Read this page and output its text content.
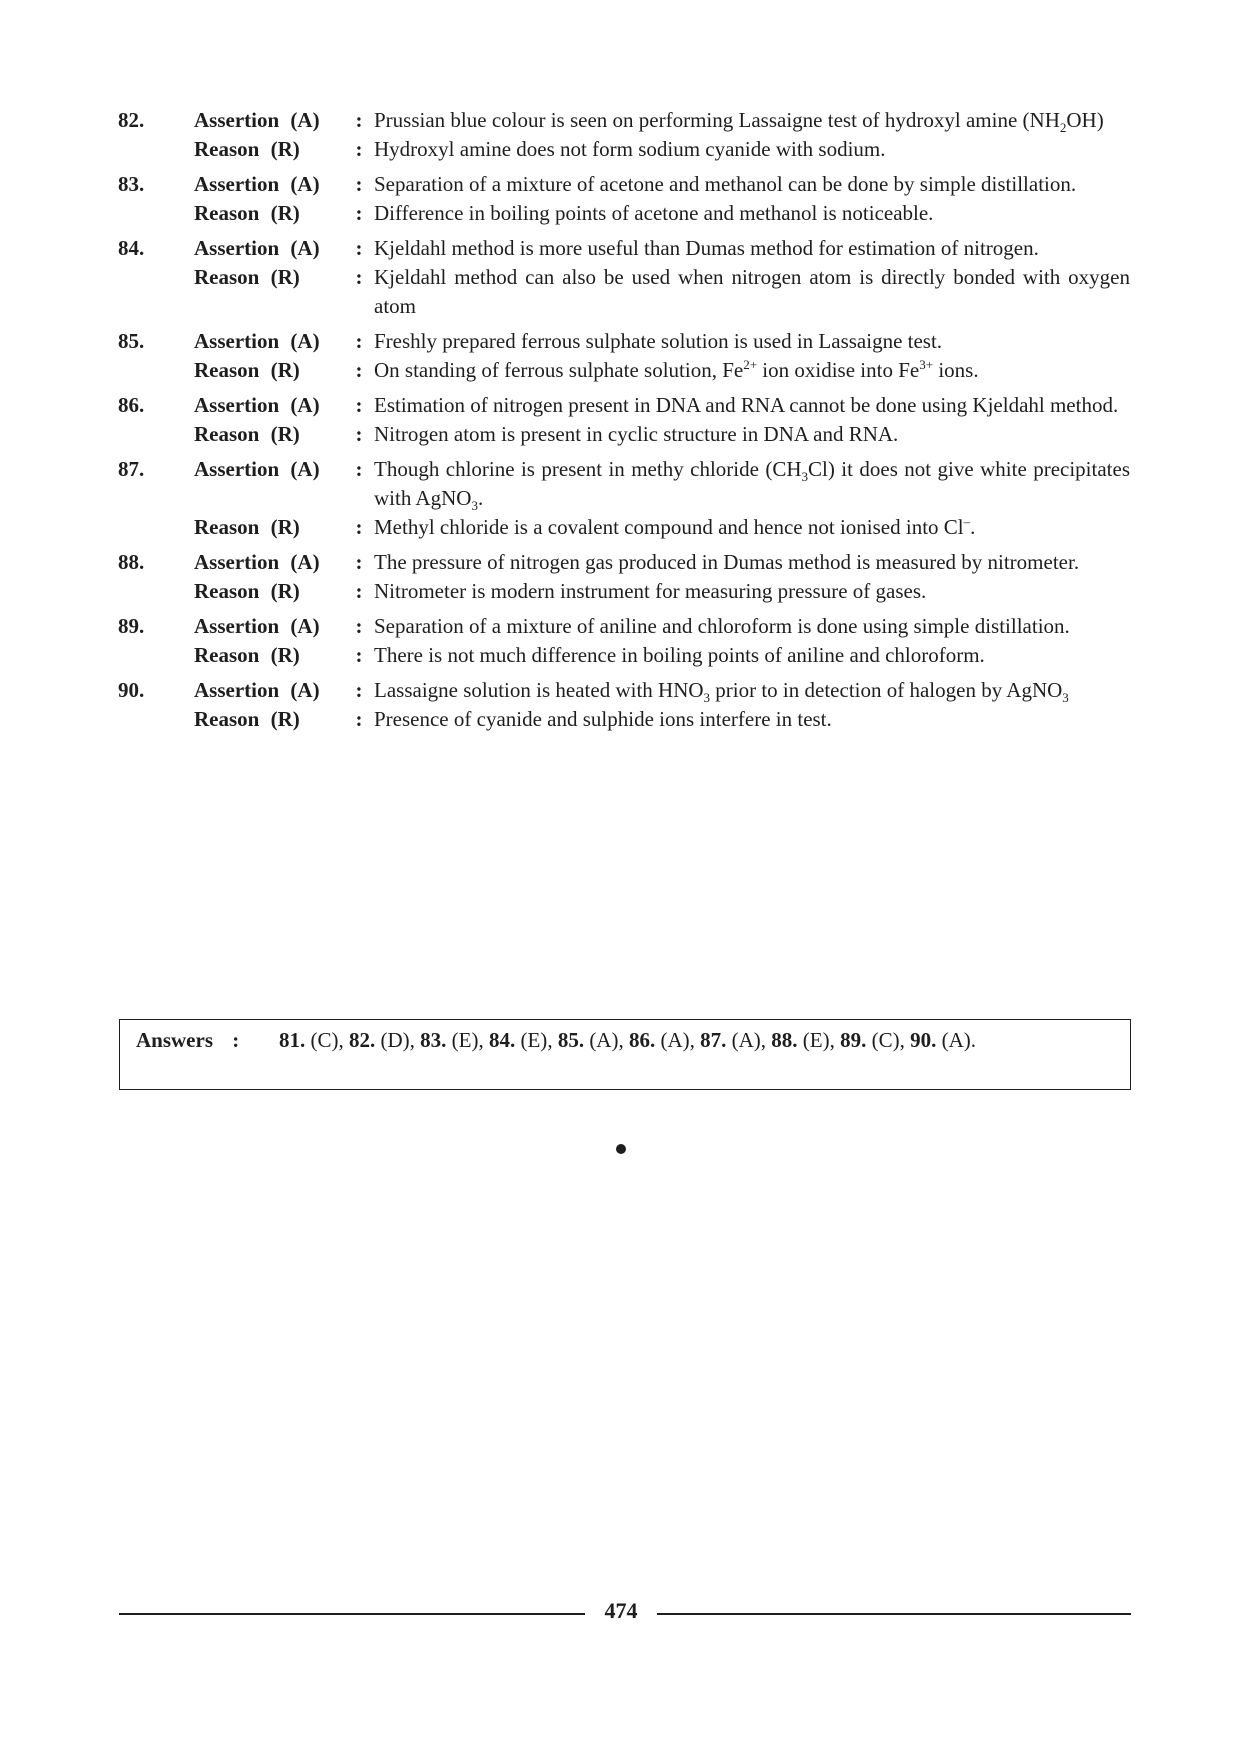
82.	Assertion (A)	: Prussian blue colour is seen on performing Lassaigne test of hydroxyl amine $(NH_2OH)$
Reason (R)	: Hydroxyl amine does not form sodium cyanide with sodium.
83.	Assertion (A)	: Separation of a mixture of acetone and methanol can be done by simple distillation.
Reason (R)	: Difference in boiling points of acetone and methanol is noticeable.
84.	Assertion (A)	: Kjeldahl method is more useful than Dumas method for estimation of nitrogen.
Reason (R)	: Kjeldahl method can also be used when nitrogen atom is directly bonded with oxygen atom
85.	Assertion (A)	: Freshly prepared ferrous sulphate solution is used in Lassaigne test.
Reason (R)	: On standing of ferrous sulphate solution, $Fe^{2+}$ ion oxidise into $Fe^{3+}$ ions.
86.	Assertion (A)	: Estimation of nitrogen present in DNA and RNA cannot be done using Kjeldahl method.
Reason (R)	: Nitrogen atom is present in cyclic structure in DNA and RNA.
87.	Assertion (A)	: Though chlorine is present in methy chloride $(CH_3Cl)$ it does not give white precipitates with AgNO$_3$.
Reason (R)	: Methyl chloride is a covalent compound and hence not ionised into Cl–.
88.	Assertion (A)	: The pressure of nitrogen gas produced in Dumas method is measured by nitrometer.
Reason (R)	: Nitrometer is modern instrument for measuring pressure of gases.
89.	Assertion (A)	: Separation of a mixture of aniline and chloroform is done using simple distillation.
Reason (R)	: There is not much difference in boiling points of aniline and chloroform.
90.	Assertion (A)	: Lassaigne solution is heated with $HNO_3$ prior to in detection of halogen by AgNO$_3$
Reason (R)	: Presence of cyanide and sulphide ions interfere in test.
Answers :	81. (C), 82. (D), 83. (E), 84. (E), 85. (A), 86. (A), 87. (A), 88. (E), 89. (C), 90. (A).
474
